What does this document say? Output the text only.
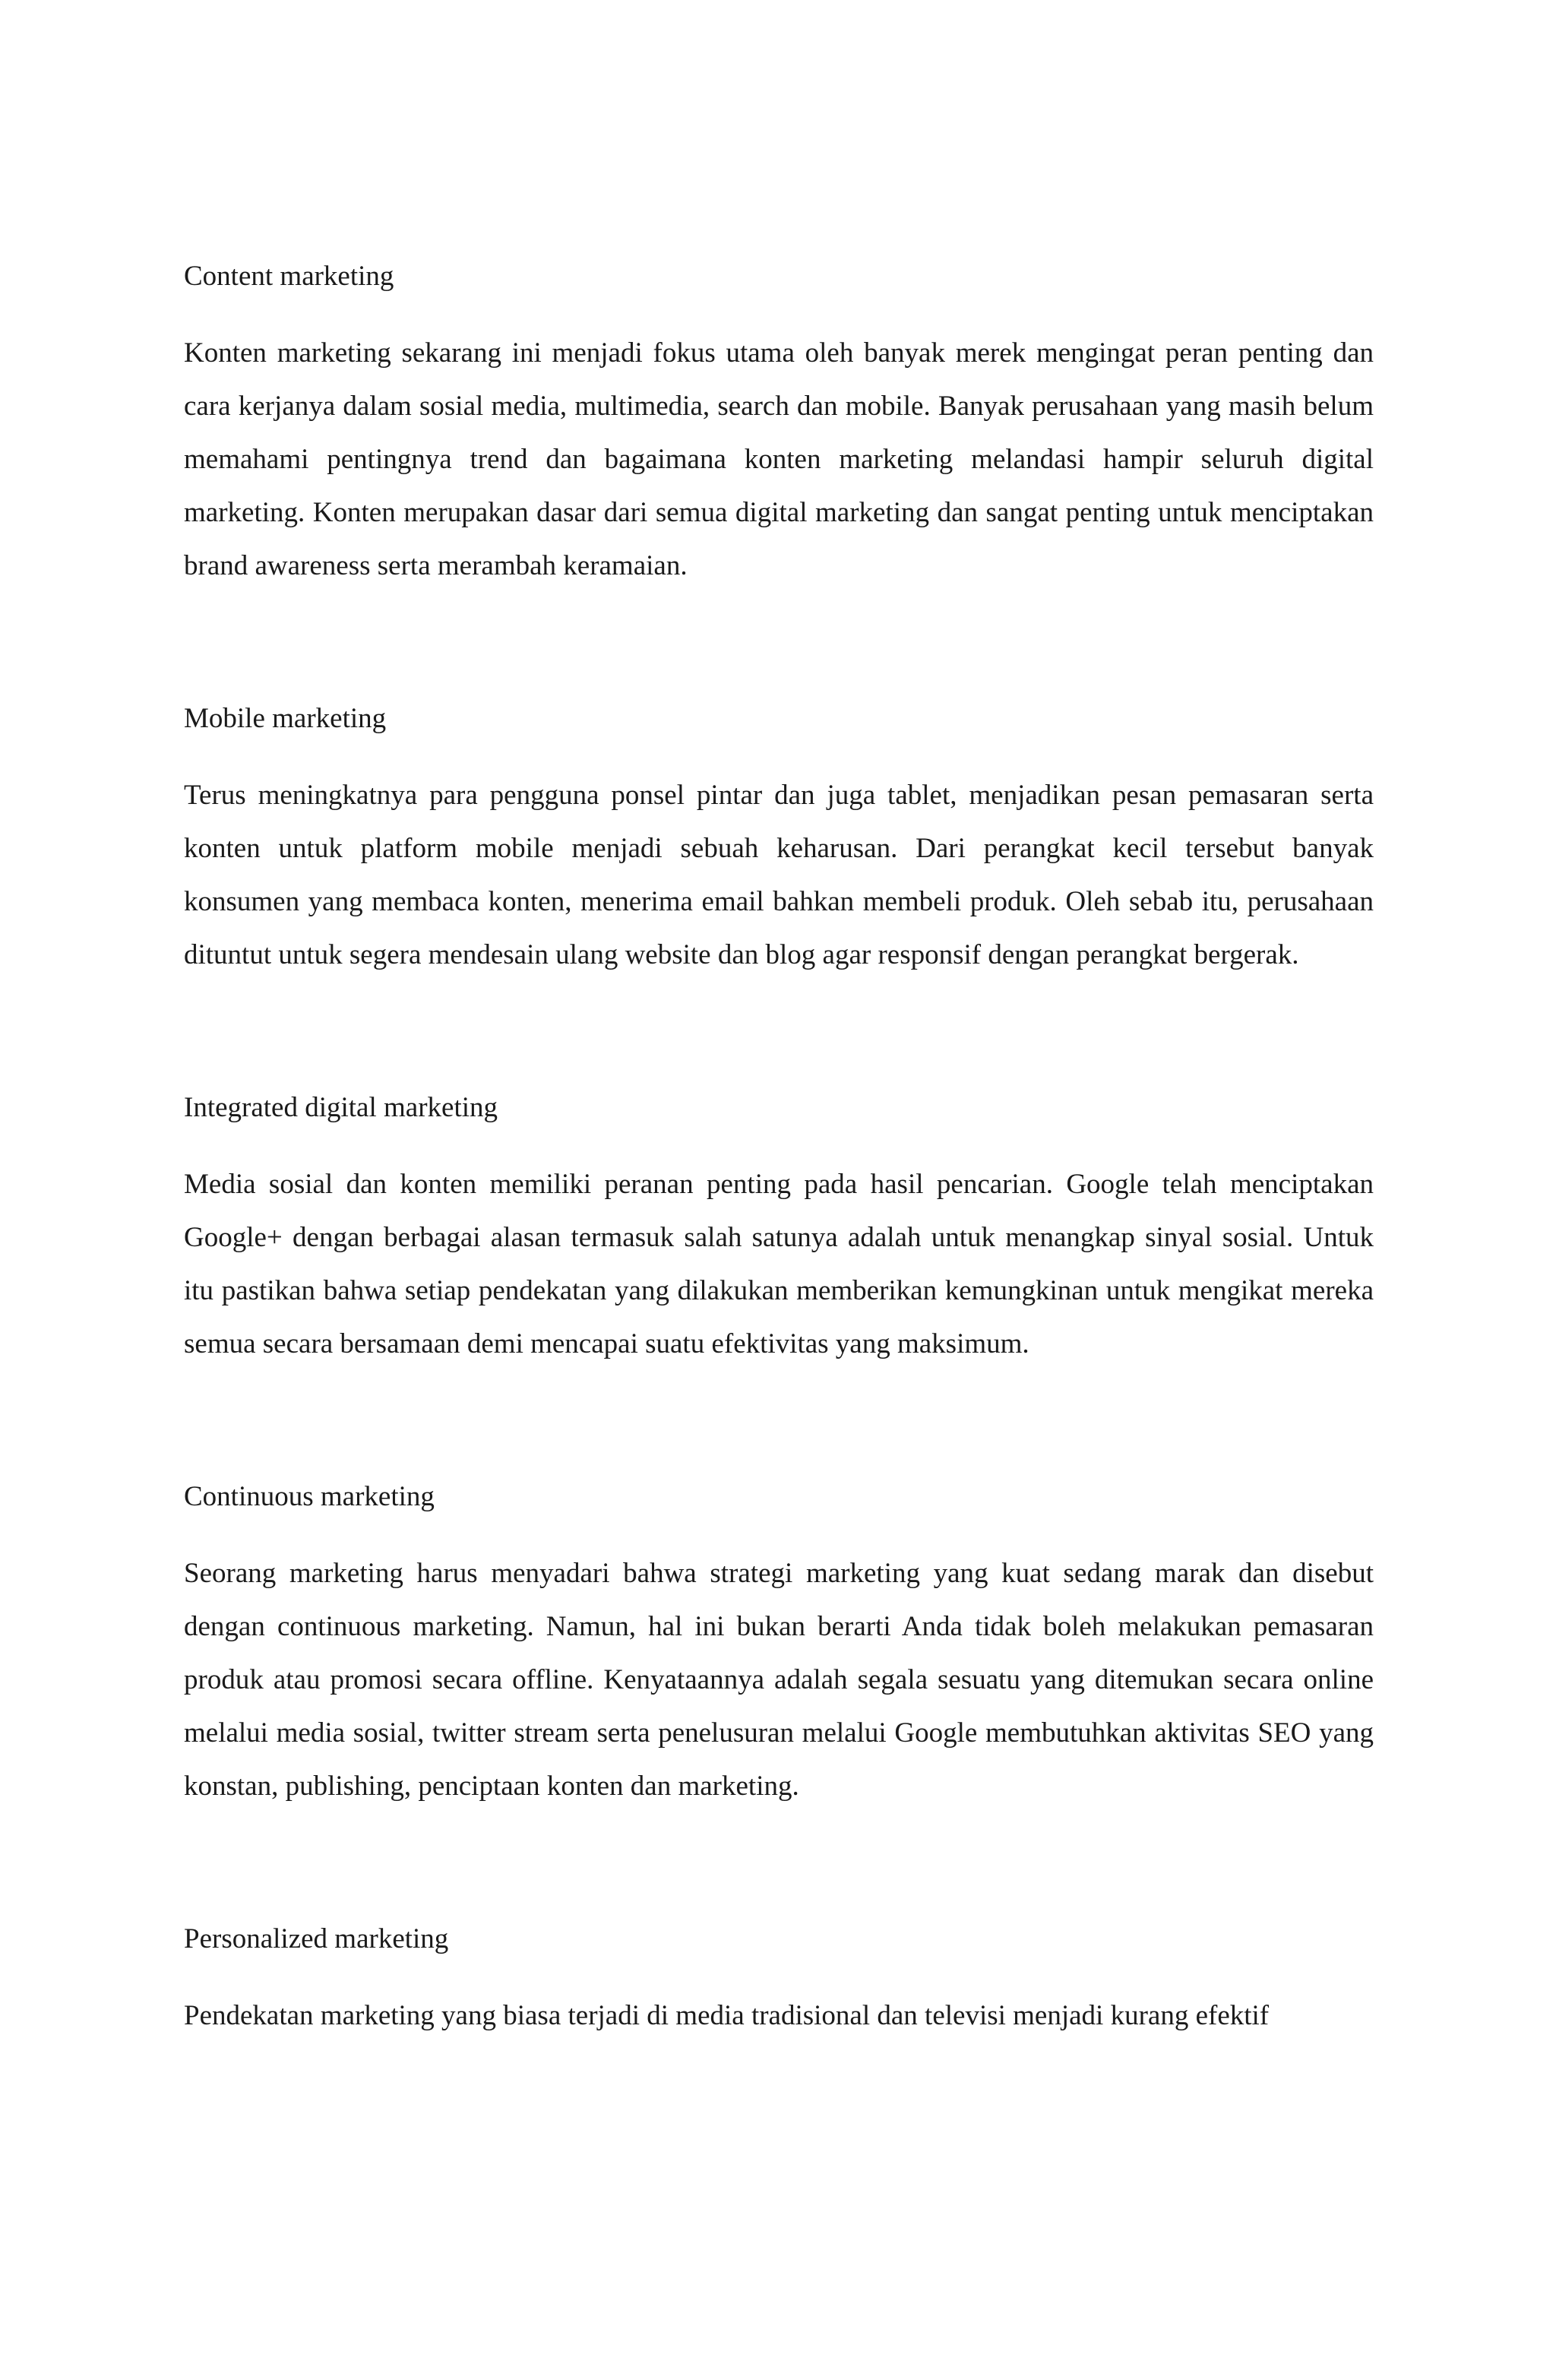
Content marketing

Konten marketing sekarang ini menjadi fokus utama oleh banyak merek mengingat peran penting dan cara kerjanya dalam sosial media, multimedia, search dan mobile. Banyak perusahaan yang masih belum memahami pentingnya trend dan bagaimana konten marketing melandasi hampir seluruh digital marketing. Konten merupakan dasar dari semua digital marketing dan sangat penting untuk menciptakan brand awareness serta merambah keramaian.

Mobile marketing

Terus meningkatnya para pengguna ponsel pintar dan juga tablet, menjadikan pesan pemasaran serta konten untuk platform mobile menjadi sebuah keharusan. Dari perangkat kecil tersebut banyak konsumen yang membaca konten, menerima email bahkan membeli produk. Oleh sebab itu, perusahaan dituntut untuk segera mendesain ulang website dan blog agar responsif dengan perangkat bergerak.

Integrated digital marketing

Media sosial dan konten memiliki peranan penting pada hasil pencarian. Google telah menciptakan Google+ dengan berbagai alasan termasuk salah satunya adalah untuk menangkap sinyal sosial. Untuk itu pastikan bahwa setiap pendekatan yang dilakukan memberikan kemungkinan untuk mengikat mereka semua secara bersamaan demi mencapai suatu efektivitas yang maksimum.

Continuous marketing

Seorang marketing harus menyadari bahwa strategi marketing yang kuat sedang marak dan disebut dengan continuous marketing. Namun, hal ini bukan berarti Anda tidak boleh melakukan pemasaran produk atau promosi secara offline. Kenyataannya adalah segala sesuatu yang ditemukan secara online melalui media sosial, twitter stream serta penelusuran melalui Google membutuhkan aktivitas SEO yang konstan, publishing, penciptaan konten dan marketing.

Personalized marketing

Pendekatan marketing yang biasa terjadi di media tradisional dan televisi menjadi kurang efektif
